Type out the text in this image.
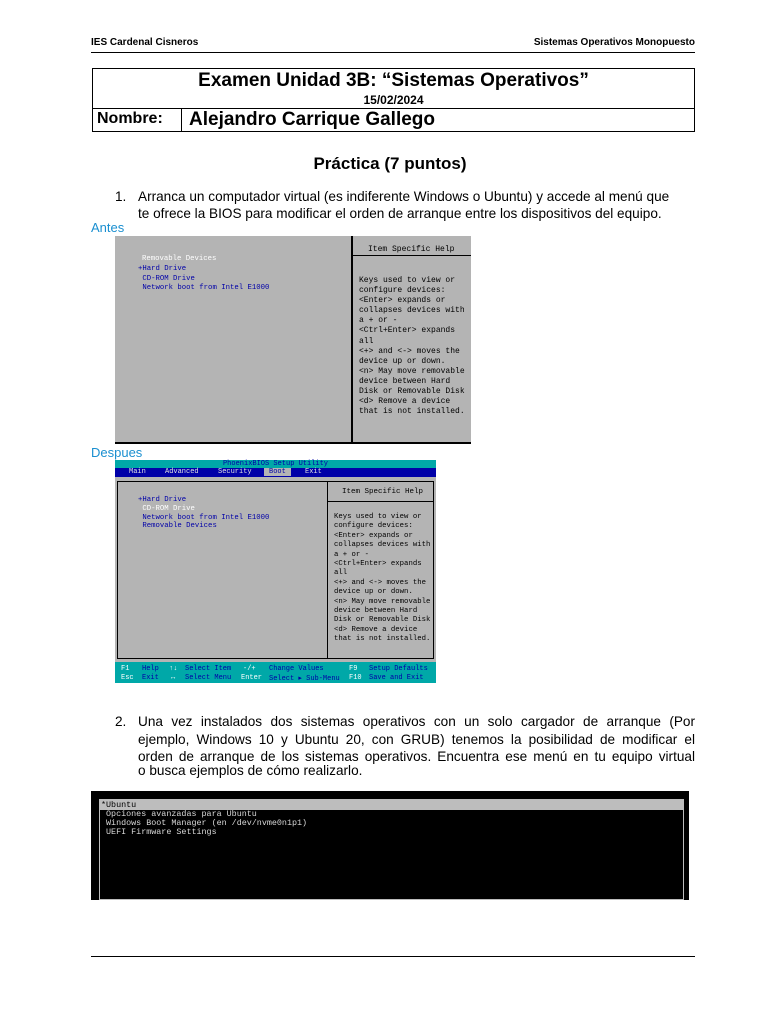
IES Cardenal Cisneros	Sistemas Operativos Monopuesto
Examen Unidad 3B: “Sistemas Operativos”
15/02/2024
Nombre: Alejandro Carrique Gallego
Práctica (7 puntos)
1. Arranca un computador virtual (es indiferente Windows o Ubuntu) y accede al menú que
te ofrece la BIOS para modificar el orden de arranque entre los dispositivos del equipo.
Antes
Removable Devices
+Hard Drive
CD-ROM Drive
Network boot from Intel E1000
Item Specific Help
Keys used to view or
configure devices:
<Enter> expands or
collapses devices with
a + or -
<Ctrl+Enter> expands
all
<+> and <-> moves the
device up or down.
<n> May move removable
device between Hard
Disk or Removable Disk
<d> Remove a device
that is not installed.
Despues
PhoenixBIOS Setup Utility
Main	Advanced	Security	Boot	Exit
+Hard Drive
CD-ROM Drive
Network boot from Intel E1000
Removable Devices
Item Specific Help
Keys used to view or
configure devices:
<Enter> expands or
collapses devices with
a + or -
<Ctrl+Enter> expands
all
<+> and <-> moves the
device up or down.
<n> May move removable
device between Hard
Disk or Removable Disk
<d> Remove a device
that is not installed.
F1 Help ↑↓ Select Item -/+ Change Values	F9 Setup Defaults
Esc Exit ↔ Select Menu Enter Select ▸ Sub-Menu F10 Save and Exit
2. Una vez instalados dos sistemas operativos con un solo cargador de arranque (Por
ejemplo, Windows 10 y Ubuntu 20, con GRUB) tenemos la posibilidad de modificar el
orden de arranque de los sistemas operativos. Encuentra ese menú en tu equipo virtual
o busca ejemplos de cómo realizarlo.
*Ubuntu
Opciones avanzadas para Ubuntu
Windows Boot Manager (en /dev/nvme0n1p1)
UEFI Firmware Settings
